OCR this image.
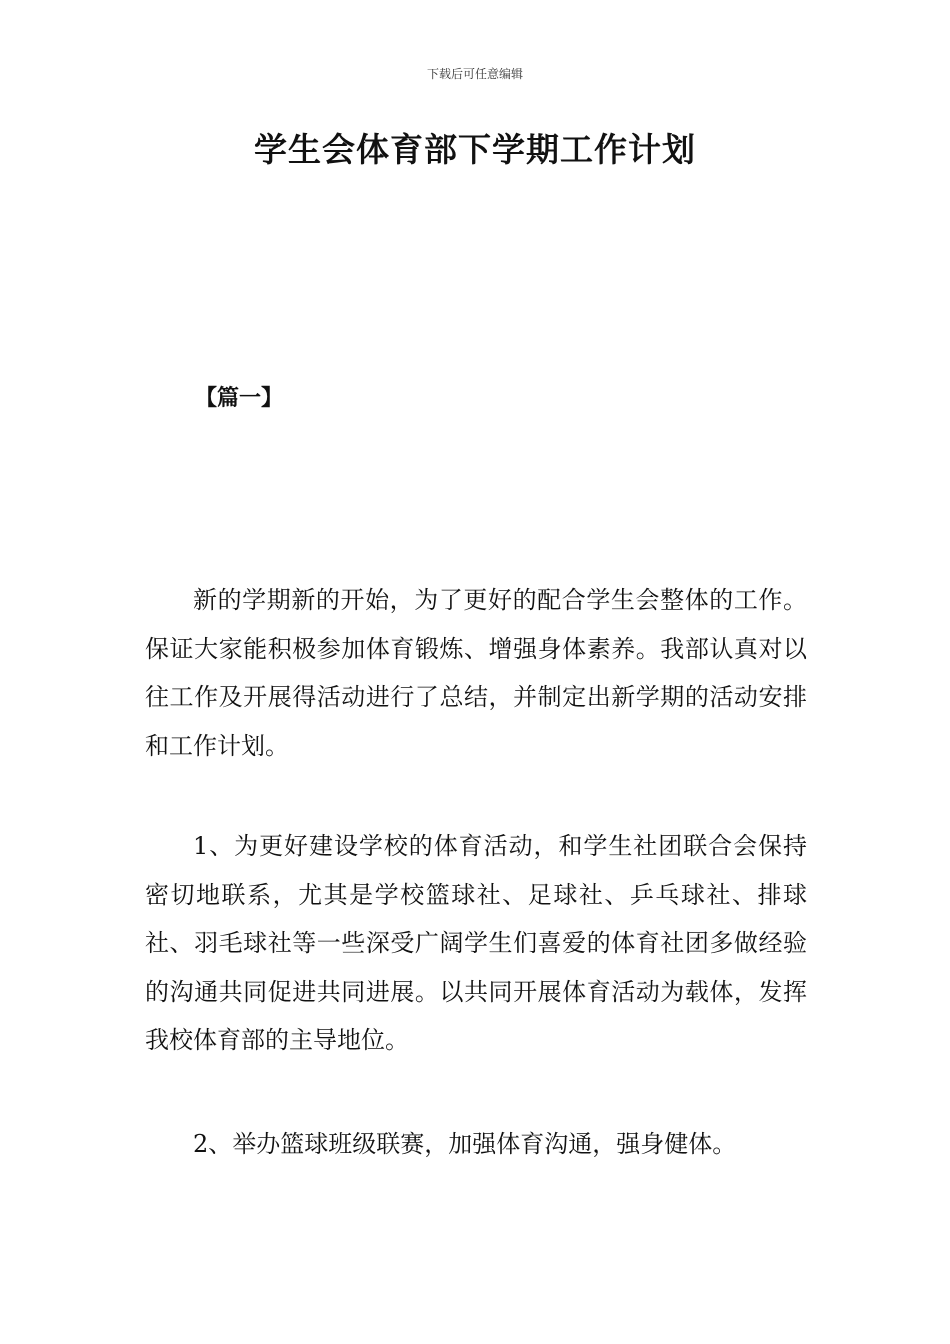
下载后可任意编辑
学生会体育部下学期工作计划
【篇一】

新的学期新的开始，为了更好的配合学生会整体的工作。保证大家能积极参加体育锻炼、增强身体素养。我部认真对以往工作及开展得活动进行了总结，并制定出新学期的活动安排和工作计划。

1、为更好建设学校的体育活动，和学生社团联合会保持密切地联系，尤其是学校篮球社、足球社、乒乓球社、排球社、羽毛球社等一些深受广阔学生们喜爱的体育社团多做经验的沟通共同促进共同进展。以共同开展体育活动为载体，发挥我校体育部的主导地位。

2、举办篮球班级联赛，加强体育沟通，强身健体。
